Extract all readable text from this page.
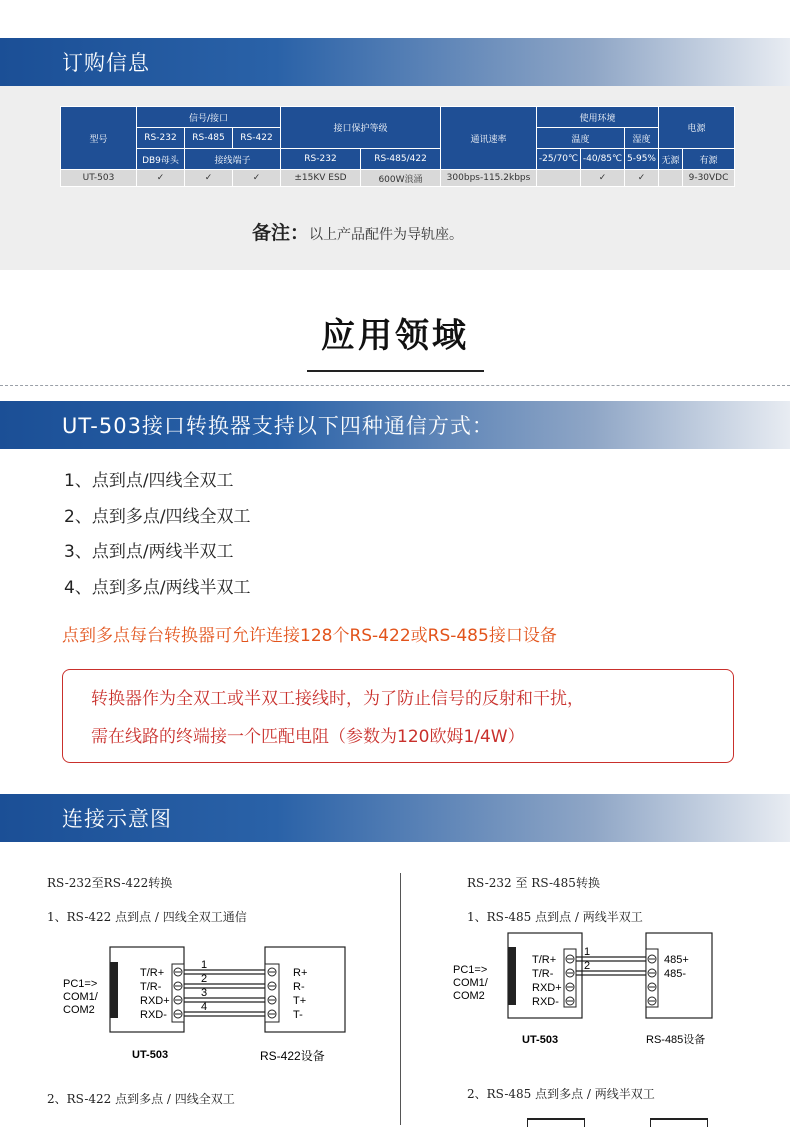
订购信息
型号	信号/接口			接口保护等级		通讯速率	使用环境			电源	
	RS-232	RS-485	RS-422				温度		湿度		
	DB9母头	接线端子		RS-232	RS-485/422		-25/70℃	-40/85℃	5-95%	无源	有源
UT-503	✓	✓	✓	±15KV ESD	600W浪涌	300bps-115.2kbps		✓	✓		9-30VDC
备注：以上产品配件为导轨座。
应用领域
UT-503接口转换器支持以下四种通信方式：
1、点到点/四线全双工
2、点到多点/四线全双工
3、点到点/两线半双工
4、点到多点/两线半双工
点到多点每台转换器可允许连接128个RS-422或RS-485接口设备

转换器作为全双工或半双工接线时，为了防止信号的反射和干扰，

需在线路的终端接一个匹配电阻（参数为120欧姆1/4W）

连接示意图
RS-232至RS-422转换
1、RS-422 点到点 / 四线全双工通信
2、RS-422 点到多点 / 四线全双工
RS-232 至 RS-485转换
1、RS-485 点到点 / 两线半双工
2、RS-485 点到多点 / 两线半双工
PC1=>
COM1/
COM2
T/R+
T/R-
RXD+
RXD-
1
2
3
4
R+
R-
T+
T-
UT-503	RS-422设备
PC1=>
COM1/
COM2
T/R+
T/R-
RXD+
RXD-
1
2	485+
485-
UT-503	RS-485设备
